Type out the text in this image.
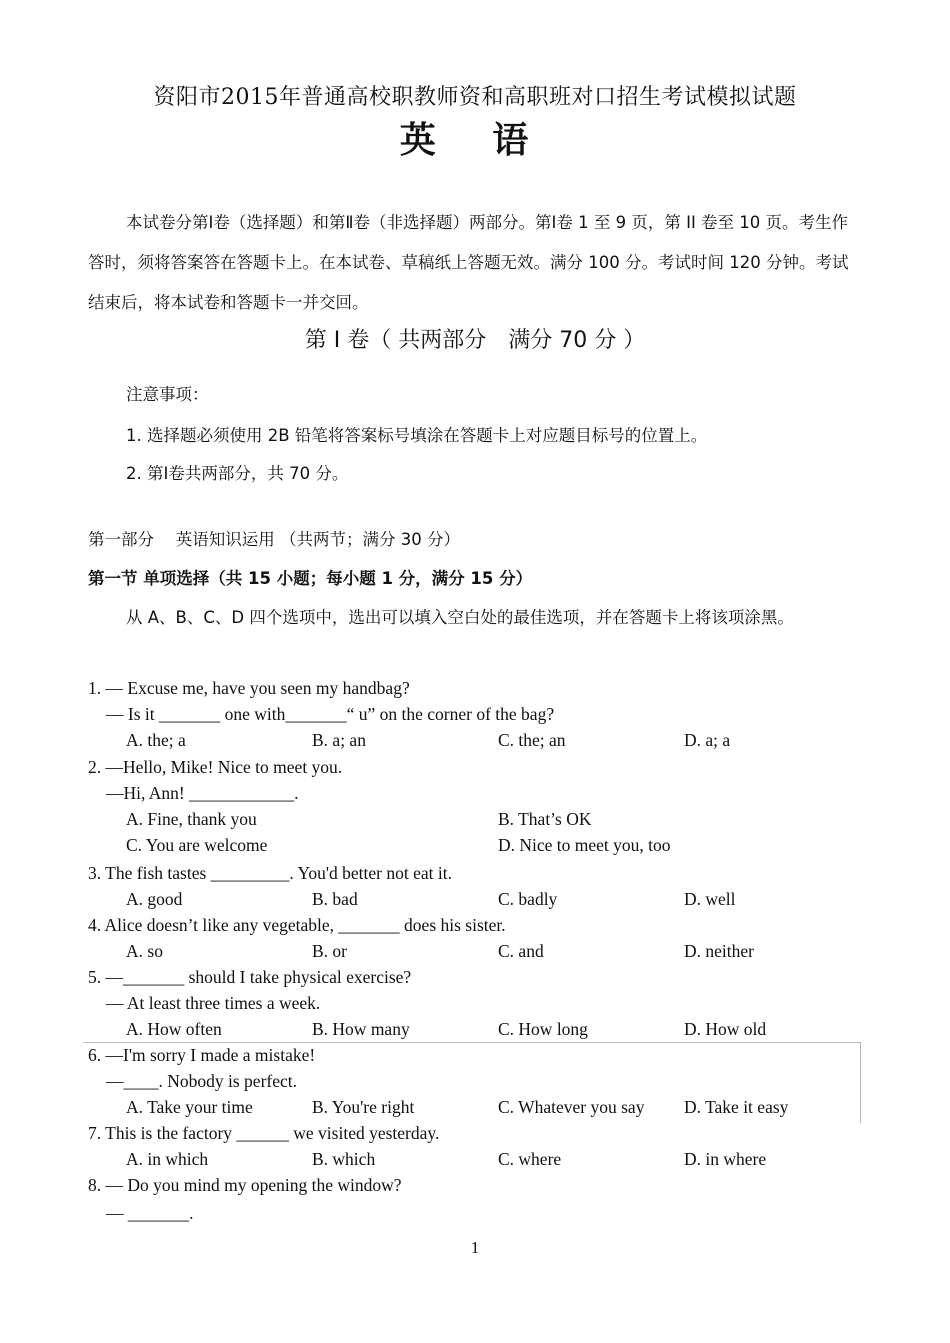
资阳市2015年普通高校职教师资和高职班对口招生考试模拟试题
英 语
本试卷分第Ⅰ卷（选择题）和第Ⅱ卷（非选择题）两部分。第Ⅰ卷 1 至 9 页，第 II 卷至 10 页。考生作答时，须将答案答在答题卡上。在本试卷、草稿纸上答题无效。满分 100 分。考试时间 120 分钟。考试结束后，将本试卷和答题卡一并交回。
第 Ⅰ 卷（ 共两部分　满分 70 分 ）
注意事项：
1. 选择题必须使用 2B 铅笔将答案标号填涂在答题卡上对应题目标号的位置上。
2. 第Ⅰ卷共两部分，共 70 分。
第一部分　 英语知识运用 （共两节；满分 30 分）
第一节 单项选择（共 15 小题；每小题 1 分，满分 15 分）
从 A、B、C、D 四个选项中，选出可以填入空白处的最佳选项，并在答题卡上将该项涂黑。
1. — Excuse me, have you seen my handbag?
— Is it _______ one with_______“ u” on the corner of the bag?
A. the; a	B. a; an	C. the; an	D. a; a
2. —Hello, Mike! Nice to meet you.
—Hi, Ann! ____________.
A. Fine, thank you	B. That’s OK
C. You are welcome	D. Nice to meet you, too
3. The fish tastes _________. You'd better not eat it.
A. good	B. bad	C. badly	D. well
4. Alice doesn’t like any vegetable, _______ does his sister.
A. so	B. or	C. and	D. neither
5. —_______ should I take physical exercise?
— At least three times a week.
A. How often	B. How many	C. How long	D. How old
6. —I'm sorry I made a mistake!
—____. Nobody is perfect.
A. Take your time	B. You're right	C. Whatever you say	D. Take it easy
7. This is the factory ______ we visited yesterday.
A. in which	B. which	C. where	D. in where
8. — Do you mind my opening the window?
— _______.
1
